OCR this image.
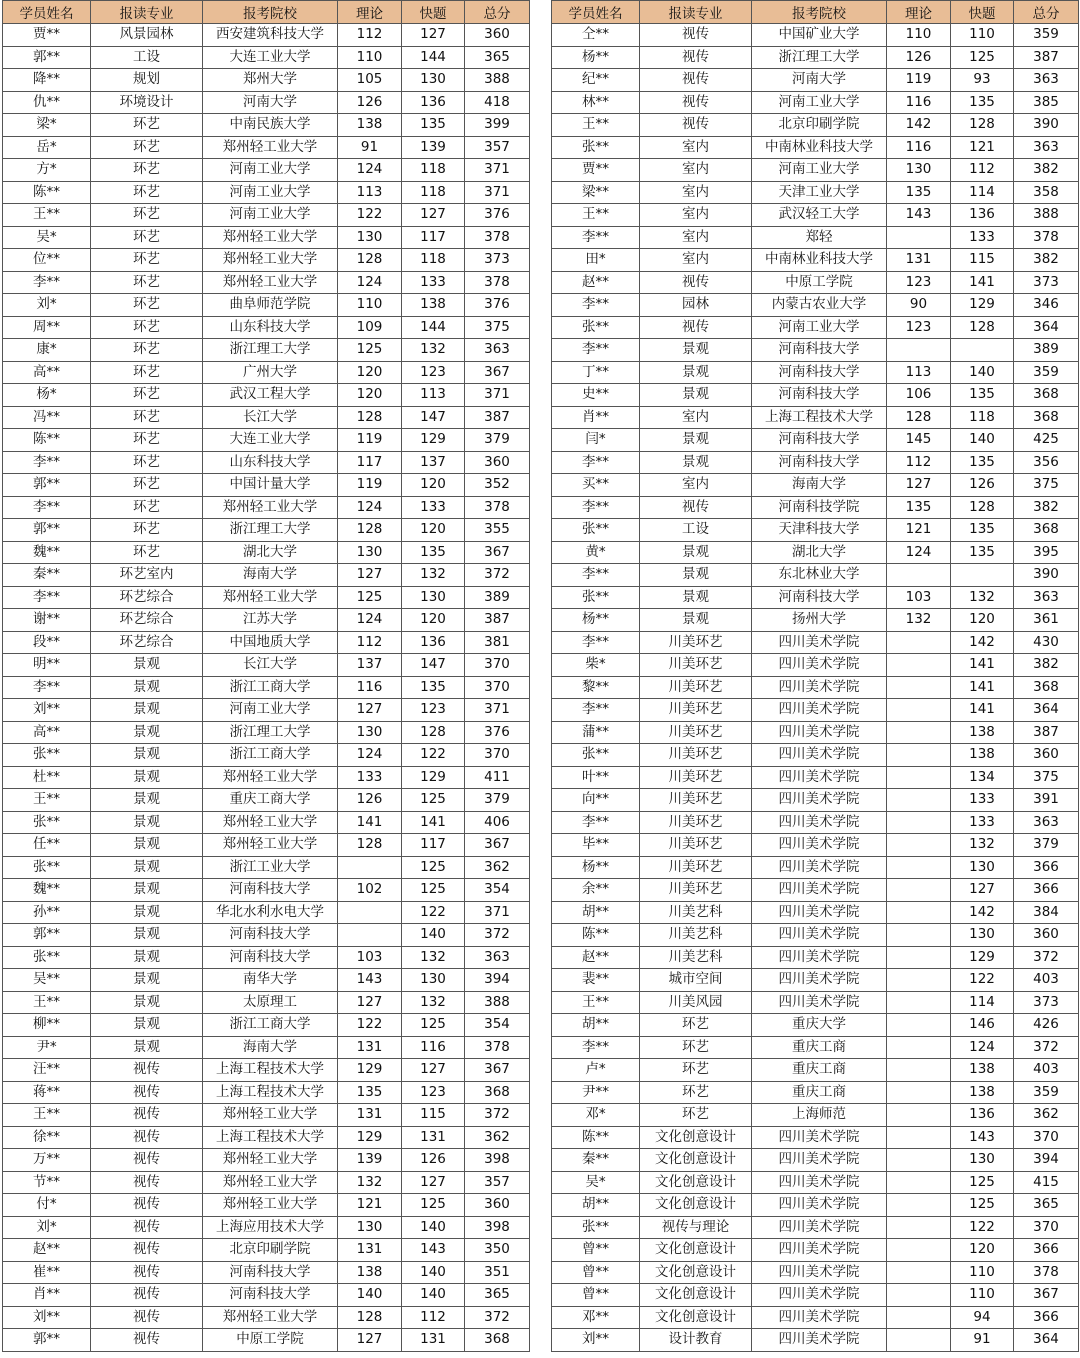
学员姓名	报读专业	报考院校	理论	快题	总分
贾**	风景园林	西安建筑科技大学	112	127	360
郭**	工设	大连工业大学	110	144	365
降**	规划	郑州大学	105	130	388
仇**	环境设计	河南大学	126	136	418
梁*	环艺	中南民族大学	138	135	399
岳*	环艺	郑州轻工业大学	91	139	357
方*	环艺	河南工业大学	124	118	371
陈**	环艺	河南工业大学	113	118	371
王**	环艺	河南工业大学	122	127	376
吴*	环艺	郑州轻工业大学	130	117	378
位**	环艺	郑州轻工业大学	128	118	373
李**	环艺	郑州轻工业大学	124	133	378
刘*	环艺	曲阜师范学院	110	138	376
周**	环艺	山东科技大学	109	144	375
康*	环艺	浙江理工大学	125	132	363
高**	环艺	广州大学	120	123	367
杨*	环艺	武汉工程大学	120	113	371
冯**	环艺	长江大学	128	147	387
陈**	环艺	大连工业大学	119	129	379
李**	环艺	山东科技大学	117	137	360
郭**	环艺	中国计量大学	119	120	352
李**	环艺	郑州轻工业大学	124	133	378
郭**	环艺	浙江理工大学	128	120	355
魏**	环艺	湖北大学	130	135	367
秦**	环艺室内	海南大学	127	132	372
李**	环艺综合	郑州轻工业大学	125	130	389
谢**	环艺综合	江苏大学	124	120	387
段**	环艺综合	中国地质大学	112	136	381
明**	景观	长江大学	137	147	370
李**	景观	浙江工商大学	116	135	370
刘**	景观	河南工业大学	127	123	371
高**	景观	浙江理工大学	130	128	376
张**	景观	浙江工商大学	124	122	370
杜**	景观	郑州轻工业大学	133	129	411
王**	景观	重庆工商大学	126	125	379
张**	景观	郑州轻工业大学	141	141	406
任**	景观	郑州轻工业大学	128	117	367
张**	景观	浙江工业大学		125	362
魏**	景观	河南科技大学	102	125	354
孙**	景观	华北水利水电大学		122	371
郭**	景观	河南科技大学		140	372
张**	景观	河南科技大学	103	132	363
吴**	景观	南华大学	143	130	394
王**	景观	太原理工	127	132	388
柳**	景观	浙江工商大学	122	125	354
尹*	景观	海南大学	131	116	378
汪**	视传	上海工程技术大学	129	127	367
蒋**	视传	上海工程技术大学	135	123	368
王**	视传	郑州轻工业大学	131	115	372
徐**	视传	上海工程技术大学	129	131	362
万**	视传	郑州轻工业大学	139	126	398
节**	视传	郑州轻工业大学	132	127	357
付*	视传	郑州轻工业大学	121	125	360
刘*	视传	上海应用技术大学	130	140	398
赵**	视传	北京印刷学院	131	143	350
崔**	视传	河南科技大学	138	140	351
肖**	视传	河南科技大学	140	140	365
刘**	视传	郑州轻工业大学	128	112	372
郭**	视传	中原工学院	127	131	368
学员姓名	报读专业	报考院校	理论	快题	总分
仝**	视传	中国矿业大学	110	110	359
杨**	视传	浙江理工大学	126	125	387
纪**	视传	河南大学	119	93	363
林**	视传	河南工业大学	116	135	385
王**	视传	北京印刷学院	142	128	390
张**	室内	中南林业科技大学	116	121	363
贾**	室内	河南工业大学	130	112	382
梁**	室内	天津工业大学	135	114	358
王**	室内	武汉轻工大学	143	136	388
李**	室内	郑轻		133	378
田*	室内	中南林业科技大学	131	115	382
赵**	视传	中原工学院	123	141	373
李**	园林	内蒙古农业大学	90	129	346
张**	视传	河南工业大学	123	128	364
李**	景观	河南科技大学			389
丁**	景观	河南科技大学	113	140	359
史**	景观	河南科技大学	106	135	368
肖**	室内	上海工程技术大学	128	118	368
闫*	景观	河南科技大学	145	140	425
李**	景观	河南科技大学	112	135	356
买**	室内	海南大学	127	126	375
李**	视传	河南科技学院	135	128	382
张**	工设	天津科技大学	121	135	368
黄*	景观	湖北大学	124	135	395
李**	景观	东北林业大学			390
张**	景观	河南科技大学	103	132	363
杨**	景观	扬州大学	132	120	361
李**	川美环艺	四川美术学院		142	430
柴*	川美环艺	四川美术学院		141	382
黎**	川美环艺	四川美术学院		141	368
李**	川美环艺	四川美术学院		141	364
蒲**	川美环艺	四川美术学院		138	387
张**	川美环艺	四川美术学院		138	360
叶**	川美环艺	四川美术学院		134	375
向**	川美环艺	四川美术学院		133	391
李**	川美环艺	四川美术学院		133	363
毕**	川美环艺	四川美术学院		132	379
杨**	川美环艺	四川美术学院		130	366
余**	川美环艺	四川美术学院		127	366
胡**	川美艺科	四川美术学院		142	384
陈**	川美艺科	四川美术学院		130	360
赵**	川美艺科	四川美术学院		129	372
裴**	城市空间	四川美术学院		122	403
王**	川美风园	四川美术学院		114	373
胡**	环艺	重庆大学		146	426
李**	环艺	重庆工商		124	372
卢*	环艺	重庆工商		138	403
尹**	环艺	重庆工商		138	359
邓*	环艺	上海师范		136	362
陈**	文化创意设计	四川美术学院		143	370
秦**	文化创意设计	四川美术学院		130	394
吴*	文化创意设计	四川美术学院		125	415
胡**	文化创意设计	四川美术学院		125	365
张**	视传与理论	四川美术学院		122	370
曾**	文化创意设计	四川美术学院		120	366
曾**	文化创意设计	四川美术学院		110	378
曾**	文化创意设计	四川美术学院		110	367
邓**	文化创意设计	四川美术学院		94	366
刘**	设计教育	四川美术学院		91	364
